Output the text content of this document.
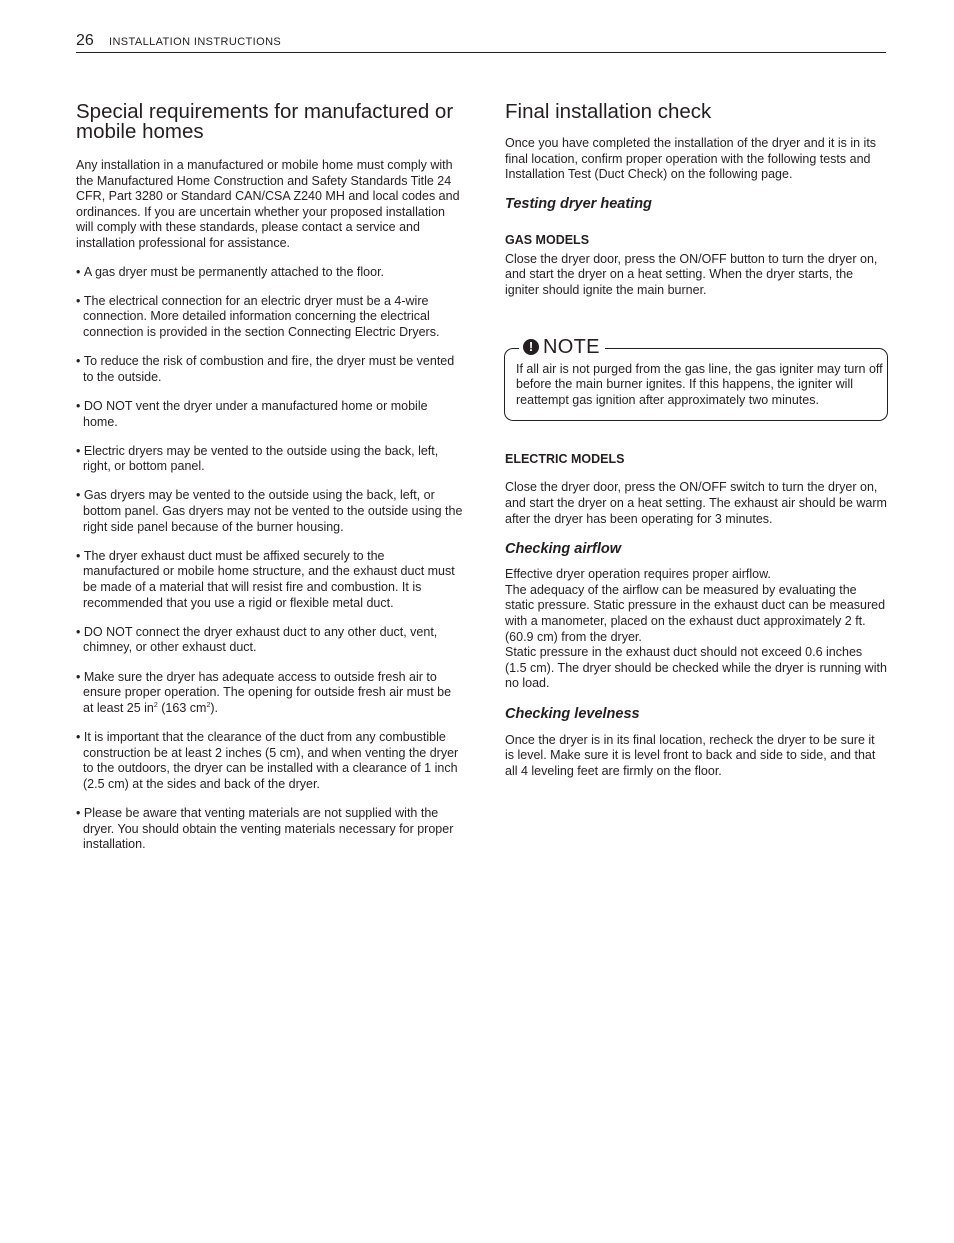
26 INSTALLATION INSTRUCTIONS
Special requirements for manufactured or mobile homes

Any installation in a manufactured or mobile home must comply with the Manufactured Home Construction and Safety Standards Title 24 CFR, Part 3280 or Standard CAN/CSA Z240 MH and local codes and ordinances. If you are uncertain whether your proposed installation will comply with these standards, please contact a service and installation professional for assistance.

• A gas dryer must be permanently attached to the floor.
• The electrical connection for an electric dryer must be a 4-wire connection. More detailed information concerning the electrical connection is provided in the section Connecting Electric Dryers.
• To reduce the risk of combustion and fire, the dryer must be vented to the outside.
• DO NOT vent the dryer under a manufactured home or mobile home.
• Electric dryers may be vented to the outside using the back, left, right, or bottom panel.
• Gas dryers may be vented to the outside using the back, left, or bottom panel. Gas dryers may not be vented to the outside using the right side panel because of the burner housing.
• The dryer exhaust duct must be affixed securely to the manufactured or mobile home structure, and the exhaust duct must be made of a material that will resist fire and combustion. It is recommended that you use a rigid or flexible metal duct.
• DO NOT connect the dryer exhaust duct to any other duct, vent, chimney, or other exhaust duct.
• Make sure the dryer has adequate access to outside fresh air to ensure proper operation. The opening for outside fresh air must be at least 25 $in^2$ (163 $cm^2$).
• It is important that the clearance of the duct from any combustible construction be at least 2 inches (5 cm), and when venting the dryer to the outdoors, the dryer can be installed with a clearance of 1 inch (2.5 cm) at the sides and back of the dryer.
• Please be aware that venting materials are not supplied with the dryer. You should obtain the venting materials necessary for proper installation.
Final installation check

Once you have completed the installation of the dryer and it is in its final location, confirm proper operation with the following tests and Installation Test (Duct Check) on the following page.

Testing dryer heating
GAS MODELS

Close the dryer door, press the ON/OFF button to turn the dryer on, and start the dryer on a heat setting. When the dryer starts, the igniter should ignite the main burner.

! NOTE

If all air is not purged from the gas line, the gas igniter may turn off before the main burner ignites. If this happens, the igniter will reattempt gas ignition after approximately two minutes.

ELECTRIC MODELS

Close the dryer door, press the ON/OFF switch to turn the dryer on, and start the dryer on a heat setting. The exhaust air should be warm after the dryer has been operating for 3 minutes.

Checking airflow

Effective dryer operation requires proper airflow.

The adequacy of the airflow can be measured by evaluating the static pressure. Static pressure in the exhaust duct can be measured with a manometer, placed on the exhaust duct approximately 2 ft. (60.9 cm) from the dryer.

Static pressure in the exhaust duct should not exceed 0.6 inches (1.5 cm). The dryer should be checked while the dryer is running with no load.

Checking levelness

Once the dryer is in its final location, recheck the dryer to be sure it is level. Make sure it is level front to back and side to side, and that all 4 leveling feet are firmly on the floor.
